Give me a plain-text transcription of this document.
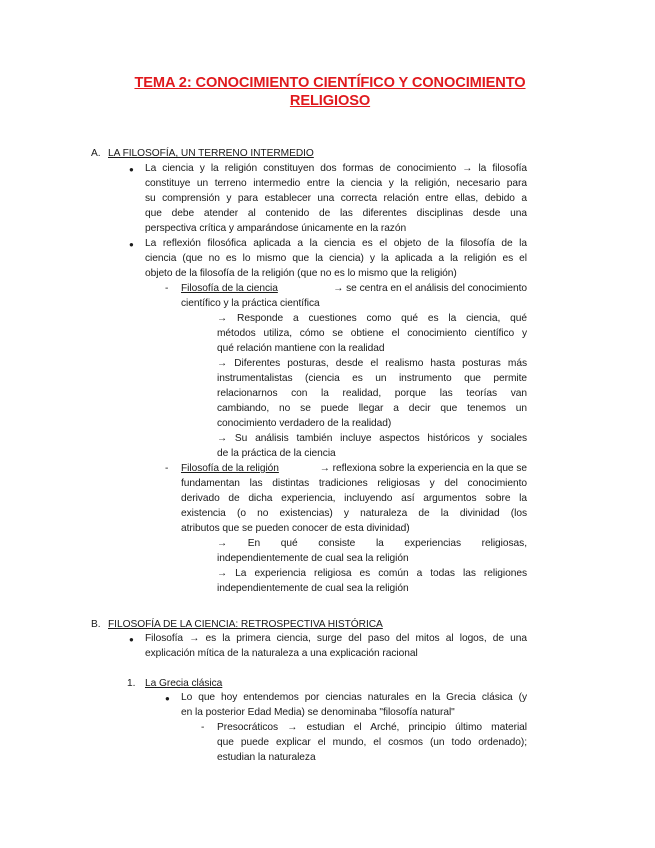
TEMA 2: CONOCIMIENTO CIENTÍFICO Y CONOCIMIENTO
RELIGIOSO
A. LA FILOSOFÍA, UN TERRENO INTERMEDIO
● La ciencia y la religión constituyen dos formas de conocimiento → la filosofía
constituye un terreno intermedio entre la ciencia y la religión, necesario para
su comprensión y para establecer una correcta relación entre ellas, debido a
que debe atender al contenido de las diferentes disciplinas desde una
perspectiva crítica y amparándose únicamente en la razón
● La reflexión filosófica aplicada a la ciencia es el objeto de la filosofía de la
ciencia (que no es lo mismo que la ciencia) y la aplicada a la religión es el
objeto de la filosofía de la religión (que no es lo mismo que la religión)
- Filosofía de la ciencia	→ se centra en el análisis del conocimiento
científico y la práctica científica
→ Responde a cuestiones como qué es la ciencia, qué
métodos utiliza, cómo se obtiene el conocimiento científico y
qué relación mantiene con la realidad
→ Diferentes posturas, desde el realismo hasta posturas más
instrumentalistas (ciencia es un instrumento que permite
relacionarnos con la realidad, porque las teorías van
cambiando, no se puede llegar a decir que tenemos un
conocimiento verdadero de la realidad)
→ Su análisis también incluye aspectos históricos y sociales
de la práctica de la ciencia
- Filosofía de la religión	→ reflexiona sobre la experiencia en la que se
fundamentan las distintas tradiciones religiosas y del conocimiento
derivado de dicha experiencia, incluyendo así argumentos sobre la
existencia (o no existencias) y naturaleza de la divinidad (los
atributos que se pueden conocer de esta divinidad)
→ En qué consiste la experiencias religiosas,
independientemente de cual sea la religión
→ La experiencia religiosa es común a todas las religiones
independientemente de cual sea la religión
B. FILOSOFÍA DE LA CIENCIA: RETROSPECTIVA HISTÓRICA
● Filosofía → es la primera ciencia, surge del paso del mitos al logos, de una
explicación mítica de la naturaleza a una explicación racional
1. La Grecia clásica
● Lo que hoy entendemos por ciencias naturales en la Grecia clásica (y
en la posterior Edad Media) se denominaba "filosofía natural"
- Presocráticos → estudian el Arché, principio último material
que puede explicar el mundo, el cosmos (un todo ordenado);
estudian la naturaleza
